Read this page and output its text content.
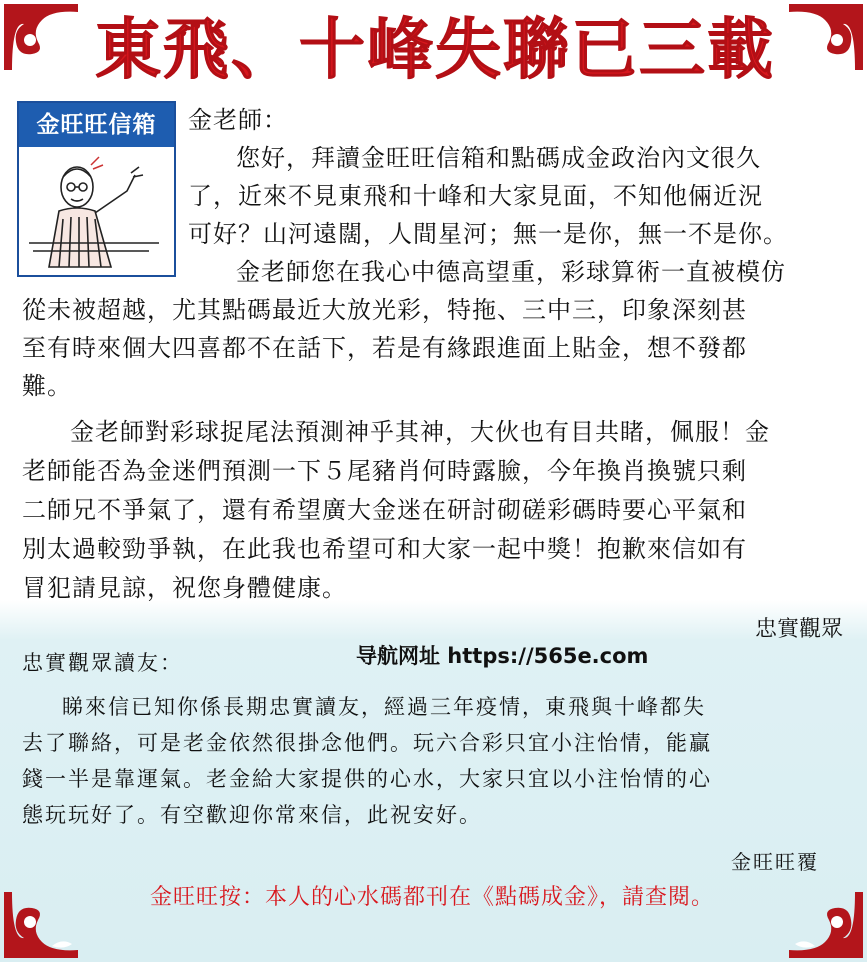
東飛、十峰失聯已三載
金旺旺信箱	金老師：
您好，拜讀金旺旺信箱和點碼成金政治內文很久
了，近來不見東飛和十峰和大家見面，不知他倆近況
可好？山河遠闊，人間星河；無一是你，無一不是你。
金老師您在我心中德高望重，彩球算術一直被模仿
從未被超越，尤其點碼最近大放光彩，特拖、三中三，印象深刻甚
至有時來個大四喜都不在話下，若是有緣跟進面上貼金，想不發都
難。
金老師對彩球捉尾法預測神乎其神，大伙也有目共睹，佩服！金
老師能否為金迷們預測一下５尾豬肖何時露臉，今年換肖換號只剩
二師兄不爭氣了，還有希望廣大金迷在研討砌磋彩碼時要心平氣和
別太過較勁爭執，在此我也希望可和大家一起中獎！抱歉來信如有
冒犯請見諒，祝您身體健康。
忠實觀眾
导航网址 https://565e.com
忠實觀眾讀友：
睇來信已知你係長期忠實讀友，經過三年疫情，東飛與十峰都失
去了聯絡，可是老金依然很掛念他們。玩六合彩只宜小注怡情，能贏
錢一半是靠運氣。老金給大家提供的心水，大家只宜以小注怡情的心
態玩玩好了。有空歡迎你常來信，此祝安好。
金旺旺覆
金旺旺按：本人的心水碼都刊在《點碼成金》，請查閱。
